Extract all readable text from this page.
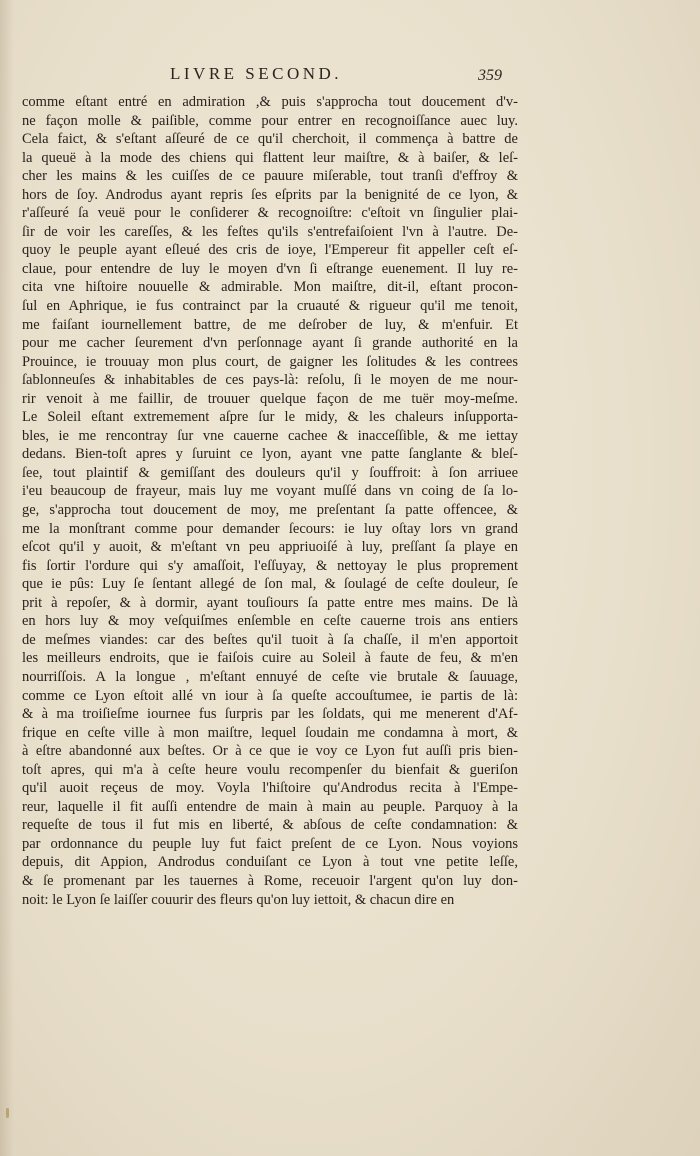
LIVRE SECOND.	359
comme eſtant entré en admiration ,& puis s'approcha tout doucement d'v-
ne façon molle & paiſible, comme pour entrer en recognoiſſance auec luy.
Cela faict, & s'eſtant aſſeuré de ce qu'il cherchoit, il commença à battre de
la queuë à la mode des chiens qui flattent leur maiſtre, & à baiſer, & leſ-
cher les mains & les cuiſſes de ce pauure miſerable, tout tranſi d'effroy &
hors de ſoy. Androdus ayant repris ſes eſprits par la benignité de ce lyon, &
r'aſſeuré ſa veuë pour le conſiderer & recognoiſtre: c'eſtoit vn ſingulier plai-
ſir de voir les careſſes, & les feſtes qu'ils s'entrefaiſoient l'vn à l'autre. De-
quoy le peuple ayant eſleué des cris de ioye, l'Empereur fit appeller ceſt eſ-
claue, pour entendre de luy le moyen d'vn ſi eſtrange euenement. Il luy re-
cita vne hiſtoire nouuelle & admirable. Mon maiſtre, dit-il, eſtant procon-
ſul en Aphrique, ie fus contrainct par la cruauté & rigueur qu'il me tenoit,
me faiſant iournellement battre, de me deſrober de luy, & m'enfuir. Et
pour me cacher ſeurement d'vn perſonnage ayant ſi grande authorité en la
Prouince, ie trouuay mon plus court, de gaigner les ſolitudes & les contrees
ſablonneuſes & inhabitables de ces pays-là: reſolu, ſi le moyen de me nour-
rir venoit à me faillir, de trouuer quelque façon de me tuër moy-meſme.
Le Soleil eſtant extremement aſpre ſur le midy, & les chaleurs inſupporta-
bles, ie me rencontray ſur vne cauerne cachee & inacceſſible, & me iettay
dedans. Bien-toſt apres y ſuruint ce lyon, ayant vne patte ſanglante & bleſ-
ſee, tout plaintif & gemiſſant des douleurs qu'il y ſouffroit: à ſon arriuee
i'eu beaucoup de frayeur, mais luy me voyant muſſé dans vn coing de ſa lo-
ge, s'approcha tout doucement de moy, me preſentant ſa patte offencee, &
me la monſtrant comme pour demander ſecours: ie luy oſtay lors vn grand
eſcot qu'il y auoit, & m'eſtant vn peu appriuoiſé à luy, preſſant ſa playe en
fis ſortir l'ordure qui s'y amaſſoit, l'eſſuyay, & nettoyay le plus proprement
que ie pûs: Luy ſe ſentant allegé de ſon mal, & ſoulagé de ceſte douleur, ſe
prit à repoſer, & à dormir, ayant touſiours ſa patte entre mes mains. De là
en hors luy & moy veſquiſmes enſemble en ceſte cauerne trois ans entiers
de meſmes viandes: car des beſtes qu'il tuoit à ſa chaſſe, il m'en apportoit
les meilleurs endroits, que ie faiſois cuire au Soleil à faute de feu, & m'en
nourriſſois. A la longue , m'eſtant ennuyé de ceſte vie brutale & ſauuage,
comme ce Lyon eſtoit allé vn iour à ſa queſte accouſtumee, ie partis de là:
& à ma troiſieſme iournee fus ſurpris par les ſoldats, qui me menerent d'Af-
frique en ceſte ville à mon maiſtre, lequel ſoudain me condamna à mort, &
à eſtre abandonné aux beſtes. Or à ce que ie voy ce Lyon fut auſſi pris bien-
toſt apres, qui m'a à ceſte heure voulu recompenſer du bienfait & gueriſon
qu'il auoit reçeus de moy. Voyla l'hiſtoire qu'Androdus recita à l'Empe-
reur, laquelle il fit auſſi entendre de main à main au peuple. Parquoy à la
requeſte de tous il fut mis en liberté, & abſous de ceſte condamnation: &
par ordonnance du peuple luy fut faict preſent de ce Lyon. Nous voyions
depuis, dit Appion, Androdus conduiſant ce Lyon à tout vne petite leſſe,
& ſe promenant par les tauernes à Rome, receuoir l'argent qu'on luy don-
noit: le Lyon ſe laiſſer couurir des fleurs qu'on luy iettoit, & chacun dire en
